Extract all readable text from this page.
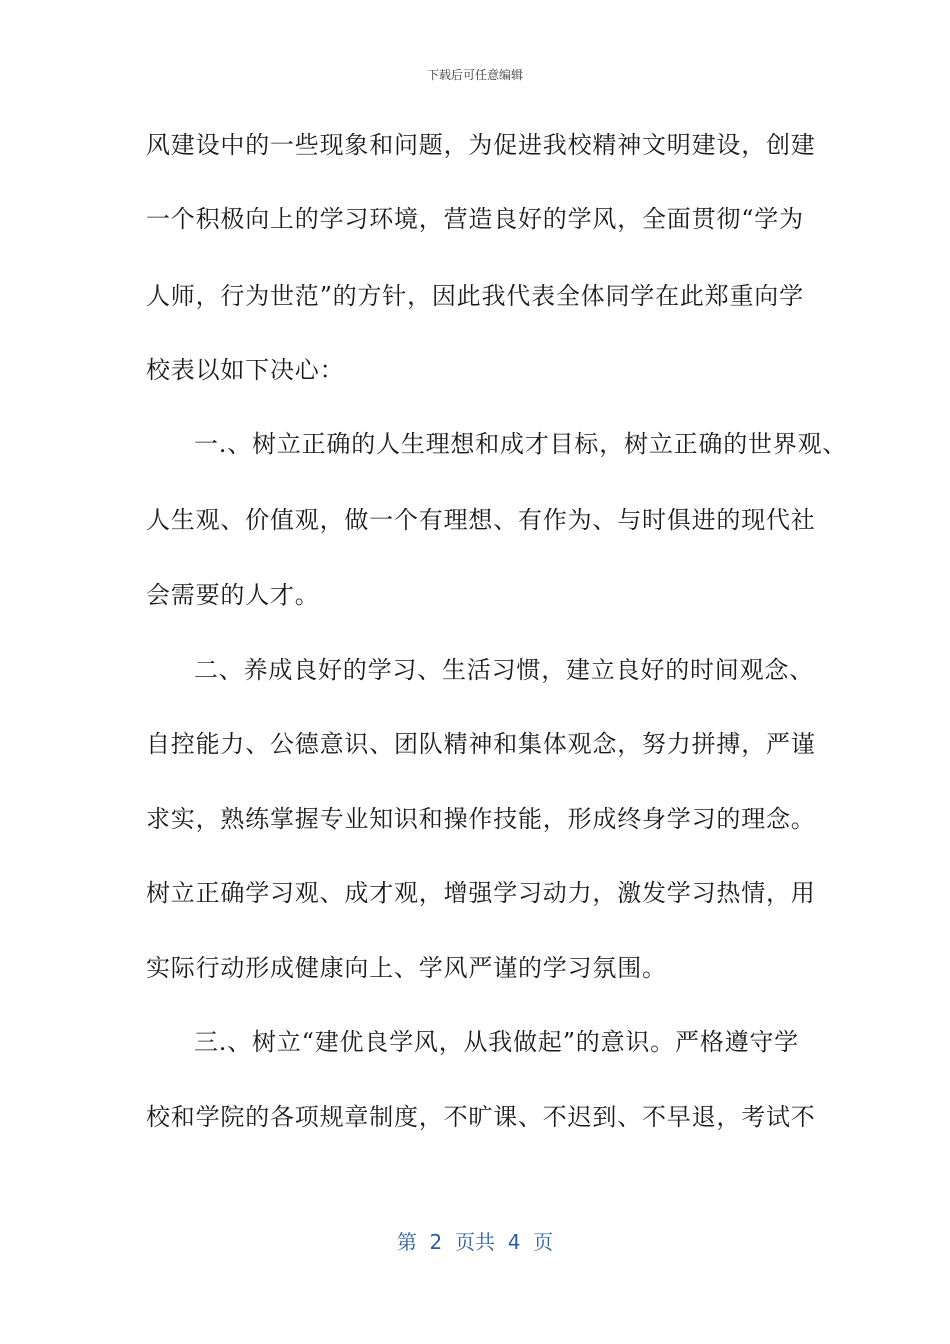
下载后可任意编辑
风建设中的一些现象和问题，为促进我校精神文明建设，创建
一个积极向上的学习环境，营造良好的学风，全面贯彻“学为
人师，行为世范”的方针，因此我代表全体同学在此郑重向学
校表以如下决心：
一.、树立正确的人生理想和成才目标，树立正确的世界观、
人生观、价值观，做一个有理想、有作为、与时俱进的现代社
会需要的人才。
二、养成良好的学习、生活习惯，建立良好的时间观念、
自控能力、公德意识、团队精神和集体观念，努力拼搏，严谨
求实，熟练掌握专业知识和操作技能，形成终身学习的理念。
树立正确学习观、成才观，增强学习动力，激发学习热情，用
实际行动形成健康向上、学风严谨的学习氛围。
三.、树立“建优良学风，从我做起”的意识。严格遵守学
校和学院的各项规章制度，不旷课、不迟到、不早退，考试不
第  2  页共  4  页
